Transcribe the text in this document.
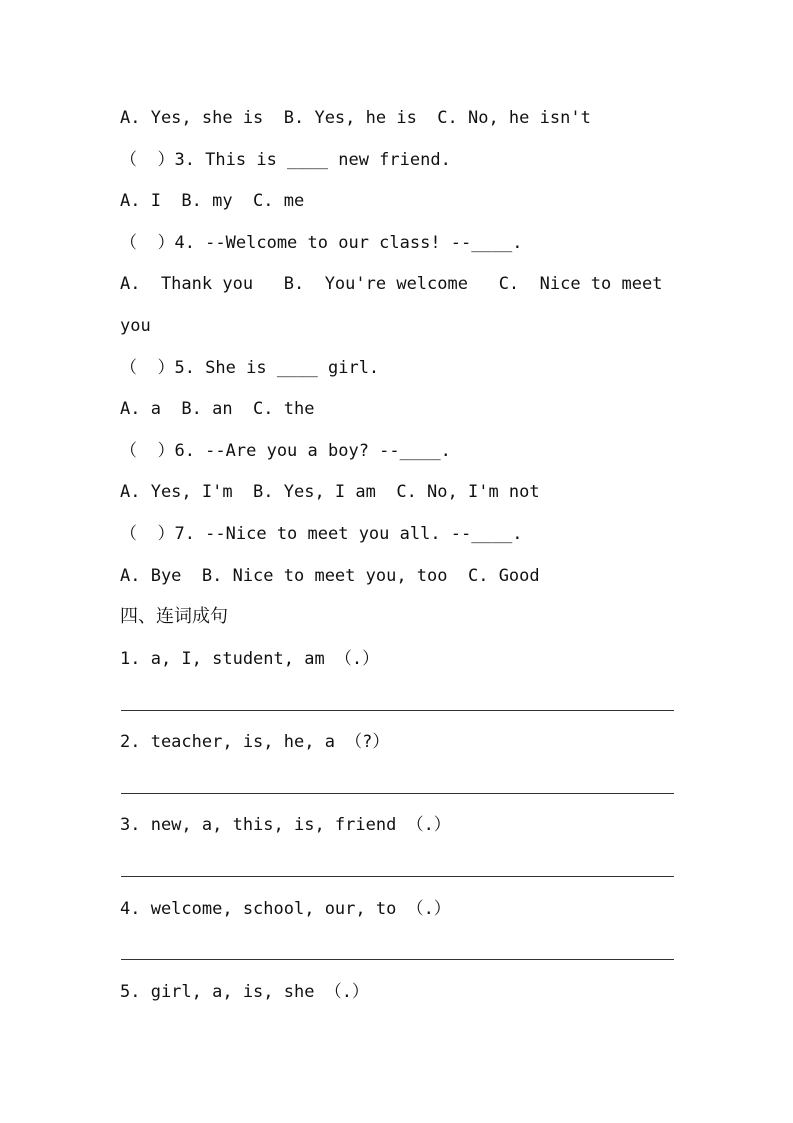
A. Yes, she is  B. Yes, he is  C. No, he isn't
（  ）3. This is ____ new friend.
A. I  B. my  C. me
（  ）4. --Welcome to our class! --____.
A.  Thank you   B.  You're welcome   C.  Nice to meet
you
（  ）5. She is ____ girl.
A. a  B. an  C. the
（  ）6. --Are you a boy? --____.
A. Yes, I'm  B. Yes, I am  C. No, I'm not
（  ）7. --Nice to meet you all. --____.
A. Bye  B. Nice to meet you, too  C. Good
四、连词成句
1. a, I, student, am （.）
2. teacher, is, he, a （?）
3. new, a, this, is, friend （.）
4. welcome, school, our, to （.）
5. girl, a, is, she （.）
